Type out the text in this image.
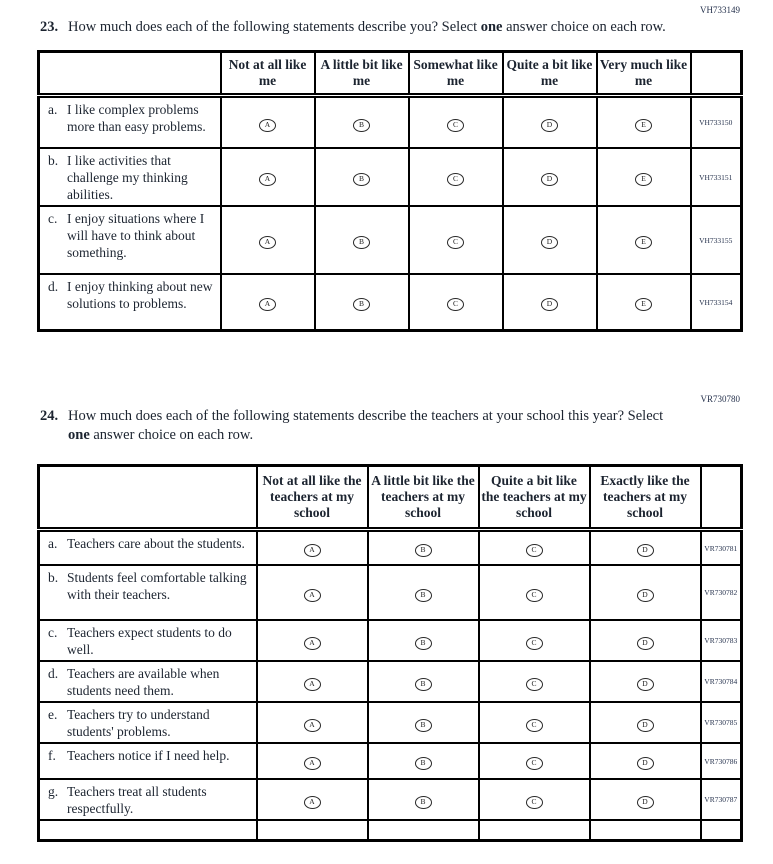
VH733149
23. How much does each of the following statements describe you? Select one answer choice on each row.

	Not at all like me	A little bit like me	Somewhat like me	Quite a bit like me	Very much like me	

a. I like complex problems more than easy problems.	A	B	C	D	E	VH733150

b. I like activities that challenge my thinking abilities.	A	B	C	D	E	VH733151

c. I enjoy situations where I will have to think about something.	A	B	C	D	E	VH733155

d. I enjoy thinking about new solutions to problems.	A	B	C	D	E	VH733154
VR730780
24. How much does each of the following statements describe the teachers at your school this year? Select one answer choice on each row.

	Not at all like the teachers at my school	A little bit like the teachers at my school	Quite a bit like the teachers at my school	Exactly like the teachers at my school	

a. Teachers care about the students.	A	B	C	D	VR730781

b. Students feel comfortable talking with their teachers.	A	B	C	D	VR730782

c. Teachers expect students to do well.	A	B	C	D	VR730783

d. Teachers are available when students need them.	A	B	C	D	VR730784

e. Teachers try to understand students' problems.	A	B	C	D	VR730785

f. Teachers notice if I need help.	A	B	C	D	VR730786

g. Teachers treat all students respectfully.	A	B	C	D	VR730787
